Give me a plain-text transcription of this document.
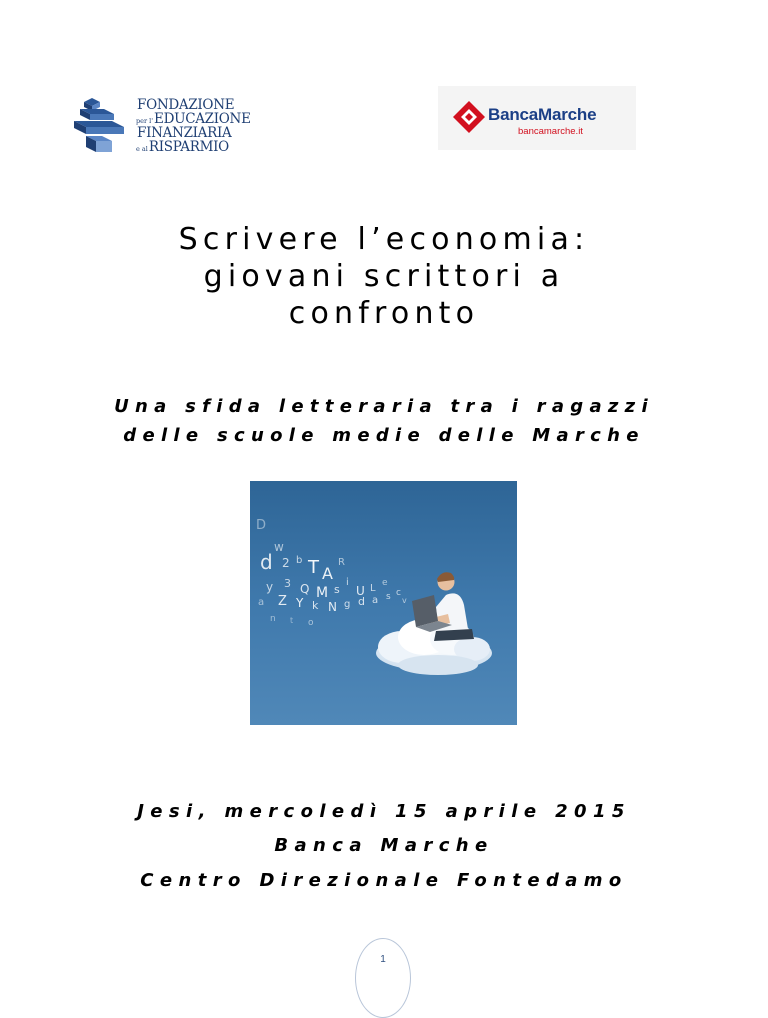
FONDAZIONE
per l'EDUCAZIONE
FINANZIARIA
e alRISPARMIO
BancaMarche
bancamarche.it
Scrivere l’economia:
giovani scrittori a
confronto
Una sfida letteraria tra i ragazzi
delle scuole medie delle Marche
D
w
d 2 b T A
R
y 3 Q M s
i
U L e
a Z Y k N g d a s c
v
n t o
Jesi, mercoledì 15 aprile 2015
Banca Marche
Centro Direzionale Fontedamo
1
